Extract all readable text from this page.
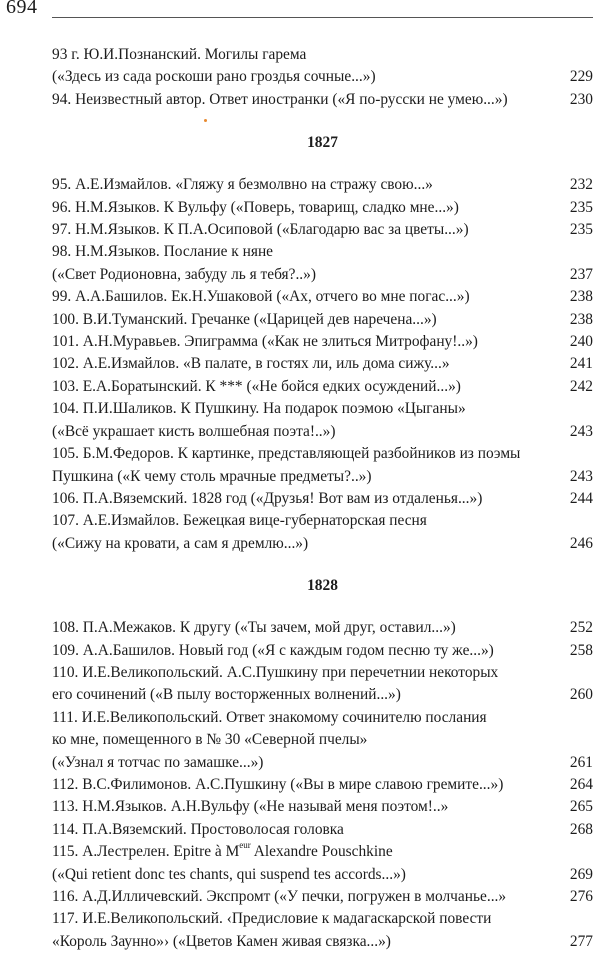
694
93 г. Ю.И.Познанский. Могилы гарема
(«Здесь из сада роскоши рано гроздья сочные...»)	229
94. Неизвестный автор. Ответ иностранки («Я по-русски не умею...»)	230
1827
95. А.Е.Измайлов. «Гляжу я безмолвно на стражу свою...»	232
96. Н.М.Языков. К Вульфу («Поверь, товарищ, сладко мне...»)	235
97. Н.М.Языков. К П.А.Осиповой («Благодарю вас за цветы...»)	235
98. Н.М.Языков. Послание к няне
(«Свет Родионовна, забуду ль я тебя?..»)	237
99. А.А.Башилов. Ек.Н.Ушаковой («Ах, отчего во мне погас...»)	238
100. В.И.Туманский. Гречанке («Царицей дев наречена...»)	238
101. А.Н.Муравьев. Эпиграмма («Как не злиться Митрофану!..»)	240
102. А.Е.Измайлов. «В палате, в гостях ли, иль дома сижу...»	241
103. Е.А.Боратынский. К *** («Не бойся едких осуждений...»)	242
104. П.И.Шаликов. К Пушкину. На подарок поэмою «Цыганы»
(«Всё украшает кисть волшебная поэта!..»)	243
105. Б.М.Федоров. К картинке, представляющей разбойников из поэмы
Пушкина («К чему столь мрачные предметы?..»)	243
106. П.А.Вяземский. 1828 год («Друзья! Вот вам из отдаленья...»)	244
107. А.Е.Измайлов. Бежецкая вице-губернаторская песня
(«Сижу на кровати, а сам я дремлю...»)	246
1828
108. П.А.Межаков. К другу («Ты зачем, мой друг, оставил...»)	252
109. А.А.Башилов. Новый год («Я с каждым годом песню ту же...»)	258
110. И.Е.Великопольский. А.С.Пушкину при перечетнии некоторых
его сочинений («В пылу восторженных волнений...»)	260
111. И.Е.Великопольский. Ответ знакомому сочинителю послания
ко мне, помещенного в № 30 «Северной пчелы»
(«Узнал я тотчас по замашке...»)	261
112. В.С.Филимонов. А.С.Пушкину («Вы в мире славою гремите...»)	264
113. Н.М.Языков. А.Н.Вульфу («Не называй меня поэтом!..»	265
114. П.А.Вяземский. Простоволосая головка	268
115. А.Лестрелен. Epitre à $M^{eur}$ Alexandre Pouschkine
(«Qui retient donc tes chants, qui suspend tes accords...»)	269
116. А.Д.Илличевский. Экспромт («У печки, погружен в молчанье...»	276
117. И.Е.Великопольский. ‹Предисловие к мадагаскарской повести
«Король Заунно»› («Цветов Камен живая связка...»)	277
